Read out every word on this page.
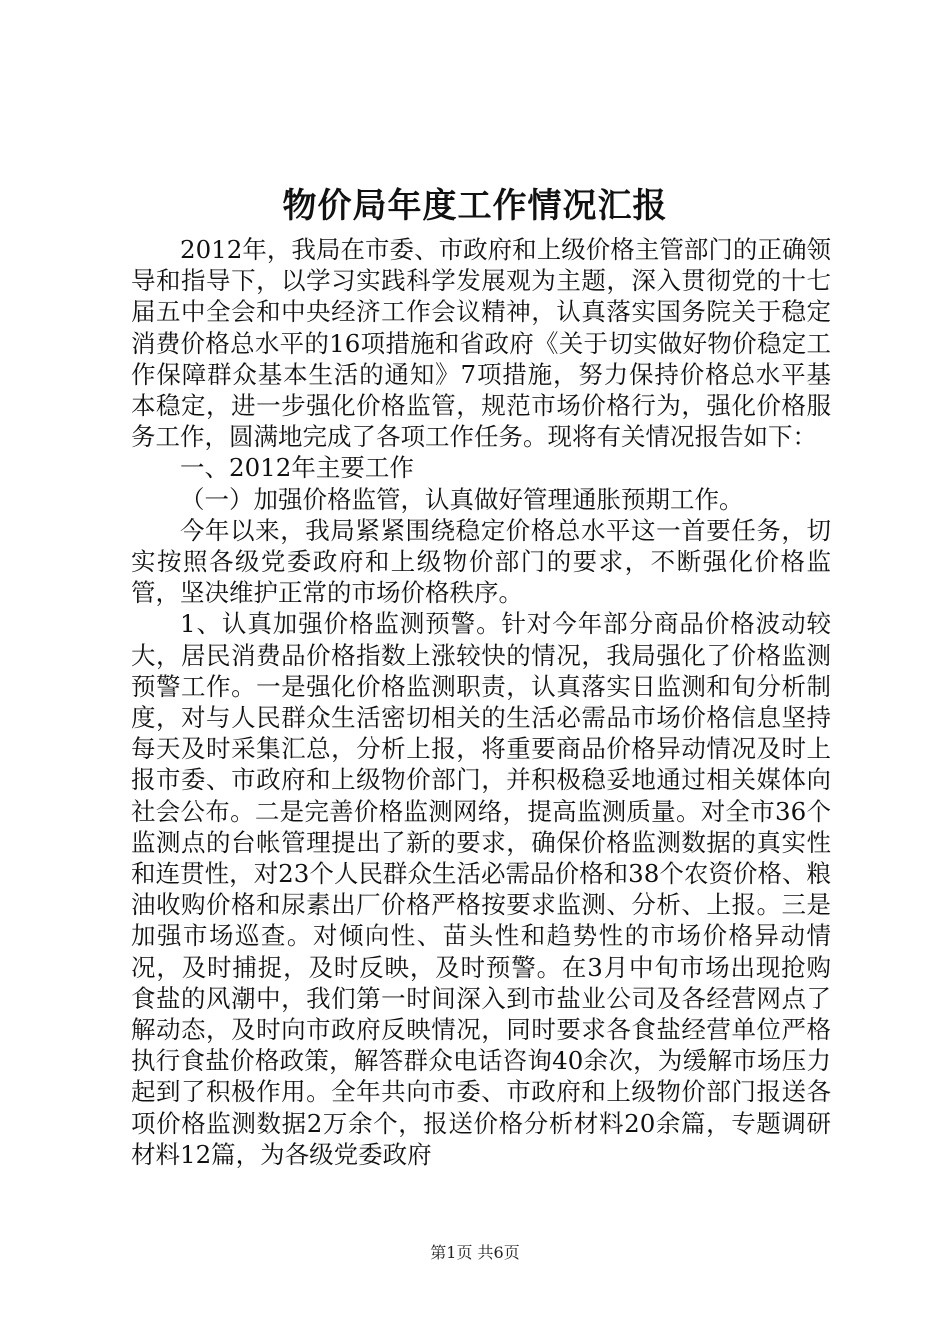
物价局年度工作情况汇报

2012年，我局在市委、市政府和上级价格主管部门的正确领导和指导下，以学习实践科学发展观为主题，深入贯彻党的十七届五中全会和中央经济工作会议精神，认真落实国务院关于稳定消费价格总水平的16项措施和省政府《关于切实做好物价稳定工作保障群众基本生活的通知》7项措施，努力保持价格总水平基本稳定，进一步强化价格监管，规范市场价格行为，强化价格服务工作，圆满地完成了各项工作任务。现将有关情况报告如下：

一、2012年主要工作

（一）加强价格监管，认真做好管理通胀预期工作。

今年以来，我局紧紧围绕稳定价格总水平这一首要任务，切实按照各级党委政府和上级物价部门的要求，不断强化价格监管，坚决维护正常的市场价格秩序。

1、认真加强价格监测预警。针对今年部分商品价格波动较大，居民消费品价格指数上涨较快的情况，我局强化了价格监测预警工作。一是强化价格监测职责，认真落实日监测和旬分析制度，对与人民群众生活密切相关的生活必需品市场价格信息坚持每天及时采集汇总，分析上报，将重要商品价格异动情况及时上报市委、市政府和上级物价部门，并积极稳妥地通过相关媒体向社会公布。二是完善价格监测网络，提高监测质量。对全市36个监测点的台帐管理提出了新的要求，确保价格监测数据的真实性和连贯性，对23个人民群众生活必需品价格和38个农资价格、粮油收购价格和尿素出厂价格严格按要求监测、分析、上报。三是加强市场巡查。对倾向性、苗头性和趋势性的市场价格异动情况，及时捕捉，及时反映，及时预警。在3月中旬市场出现抢购食盐的风潮中，我们第一时间深入到市盐业公司及各经营网点了解动态，及时向市政府反映情况，同时要求各食盐经营单位严格执行食盐价格政策，解答群众电话咨询40余次，为缓解市场压力起到了积极作用。全年共向市委、市政府和上级物价部门报送各项价格监测数据2万余个，报送价格分析材料20余篇，专题调研材料12篇，为各级党委政府

第1页 共6页
